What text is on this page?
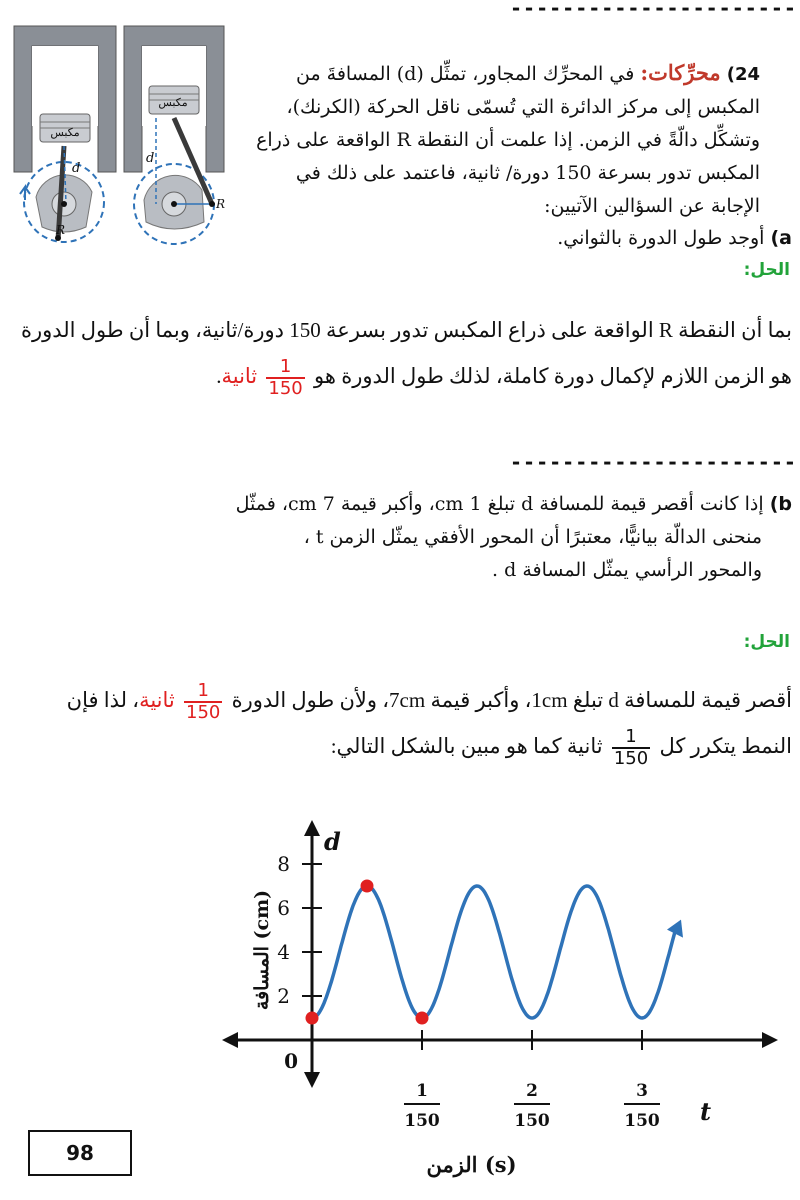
----------------------
مكبس
d
R
مكبس
d
R
24) محرِّكات: في المحرِّك المجاور، تمثِّل (d) المسافةَ من المكبس إلى مركز الدائرة التي تُسمّى ناقل الحركة (الكرنك)، وتشكِّل دالّةً في الزمن. إذا علمت أن النقطة R الواقعة على ذراع المكبس تدور بسرعة 150 دورة/ ثانية، فاعتمد على ذلك في الإجابة عن السؤالين الآتيين:
a) أوجد طول الدورة بالثواني.
الحل:
بما أن النقطة R الواقعة على ذراع المكبس تدور بسرعة 150 دورة/ثانية، وبما أن طول الدورة
هو الزمن اللازم لإكمال دورة كاملة، لذلك طول الدورة هو
$\frac{1}{150}$
ثانية.
----------------------
b) إذا كانت أقصر قيمة للمسافة d تبلغ 1 cm، وأكبر قيمة 7 cm، فمثّل
منحنى الدالّة بيانيًّا، معتبرًا أن المحور الأفقي يمثّل الزمن t ،
والمحور الرأسي يمثّل المسافة d .
الحل:
أقصر قيمة للمسافة d تبلغ 1cm، وأكبر قيمة 7cm، ولأن طول الدورة
$\frac{1}{150}$
ثانية، لذا فإن
النمط يتكرر كل
$\frac{1}{150}$
ثانية كما هو مبين بالشكل التالي:
2
4
6
8
1
150
2
150
3
150
0
d
t
المسافة (cm)
الزمن (s)
98
